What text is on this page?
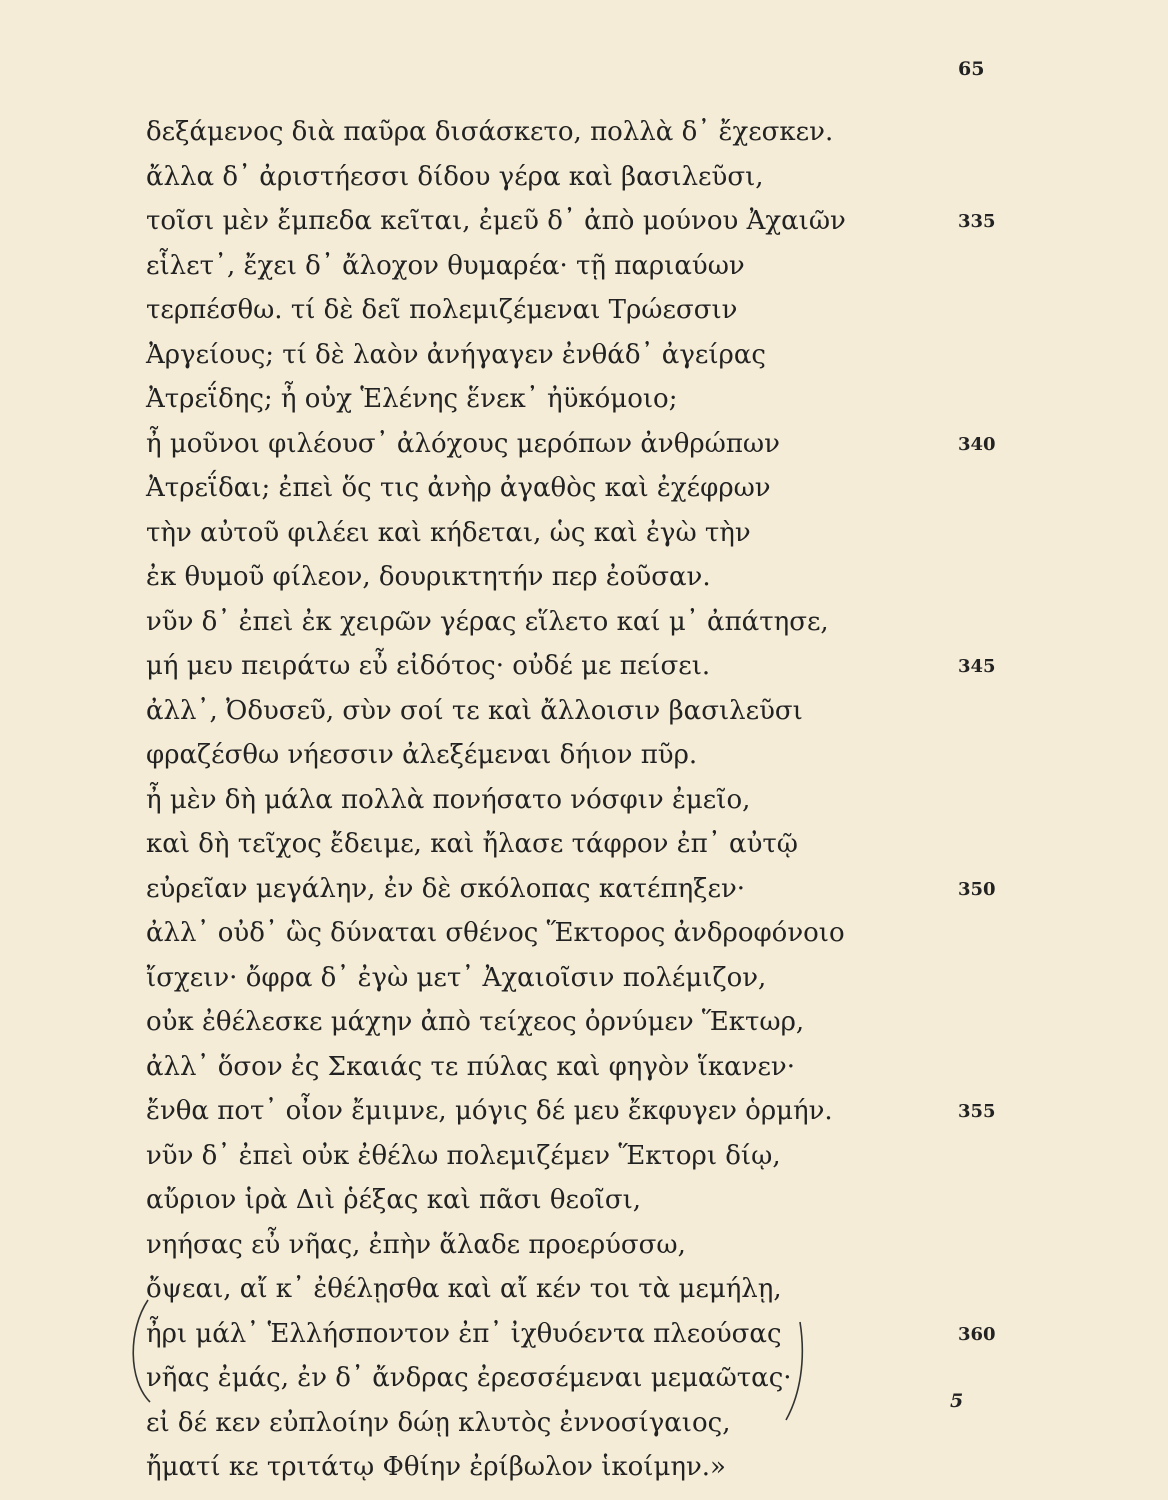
65
δεξάμενος διὰ παῦρα δισάσκετο, πολλὰ δ᾽ ἔχεσκεν.
ἄλλα δ᾽ ἀριστήεσσι δίδου γέρα καὶ βασιλεῦσι,
τοῖσι μὲν ἔμπεδα κεῖται, ἐμεῦ δ᾽ ἀπὸ μούνου Ἀχαιῶν	335
εἷλετ᾽, ἔχει δ᾽ ἄλοχον θυμαρέα· τῇ παριαύων
τερπέσθω. τί δὲ δεῖ πολεμιζέμεναι Τρώεσσιν
Ἀργείους; τί δὲ λαὸν ἀνήγαγεν ἐνθάδ᾽ ἀγείρας
Ἀτρεΐδης; ἦ οὐχ Ἑλένης ἕνεκ᾽ ἠϋκόμοιο;
ἦ μοῦνοι φιλέουσ᾽ ἀλόχους μερόπων ἀνθρώπων	340
Ἀτρεΐδαι; ἐπεὶ ὅς τις ἀνὴρ ἀγαθὸς καὶ ἐχέφρων
τὴν αὐτοῦ φιλέει καὶ κήδεται, ὡς καὶ ἐγὼ τὴν
ἐκ θυμοῦ φίλεον, δουρικτητήν περ ἐοῦσαν.
νῦν δ᾽ ἐπεὶ ἐκ χειρῶν γέρας εἵλετο καί μ᾽ ἀπάτησε,
μή μευ πειράτω εὖ εἰδότος· οὐδέ με πείσει.	345
ἀλλ᾽, Ὀδυσεῦ, σὺν σοί τε καὶ ἄλλοισιν βασιλεῦσι
φραζέσθω νήεσσιν ἀλεξέμεναι δήιον πῦρ.
ἦ μὲν δὴ μάλα πολλὰ πονήσατο νόσφιν ἐμεῖο,
καὶ δὴ τεῖχος ἔδειμε, καὶ ἤλασε τάφρον ἐπ᾽ αὐτῷ
εὐρεῖαν μεγάλην, ἐν δὲ σκόλοπας κατέπηξεν·	350
ἀλλ᾽ οὐδ᾽ ὣς δύναται σθένος Ἕκτορος ἀνδροφόνοιο
ἴσχειν· ὄφρα δ᾽ ἐγὼ μετ᾽ Ἀχαιοῖσιν πολέμιζον,
οὐκ ἐθέλεσκε μάχην ἀπὸ τείχεος ὀρνύμεν Ἕκτωρ,
ἀλλ᾽ ὅσον ἐς Σκαιάς τε πύλας καὶ φηγὸν ἵκανεν·
ἔνθα ποτ᾽ οἶον ἔμιμνε, μόγις δέ μευ ἔκφυγεν ὁρμήν.	355
νῦν δ᾽ ἐπεὶ οὐκ ἐθέλω πολεμιζέμεν Ἕκτορι δίῳ,
αὔριον ἱρὰ Διὶ ῥέξας καὶ πᾶσι θεοῖσι,
νηήσας εὖ νῆας, ἐπὴν ἅλαδε προερύσσω,
ὄψεαι, αἴ κ᾽ ἐθέλῃσθα καὶ αἴ κέν τοι τὰ μεμήλῃ,
ἦρι μάλ᾽ Ἑλλήσποντον ἐπ᾽ ἰχθυόεντα πλεούσας	360
νῆας ἐμάς, ἐν δ᾽ ἄνδρας ἐρεσσέμεναι μεμαῶτας·
εἰ δέ κεν εὐπλοίην δώῃ κλυτὸς ἐννοσίγαιος,
ἤματί κε τριτάτῳ Φθίην ἐρίβωλον ἱκοίμην.»
5
